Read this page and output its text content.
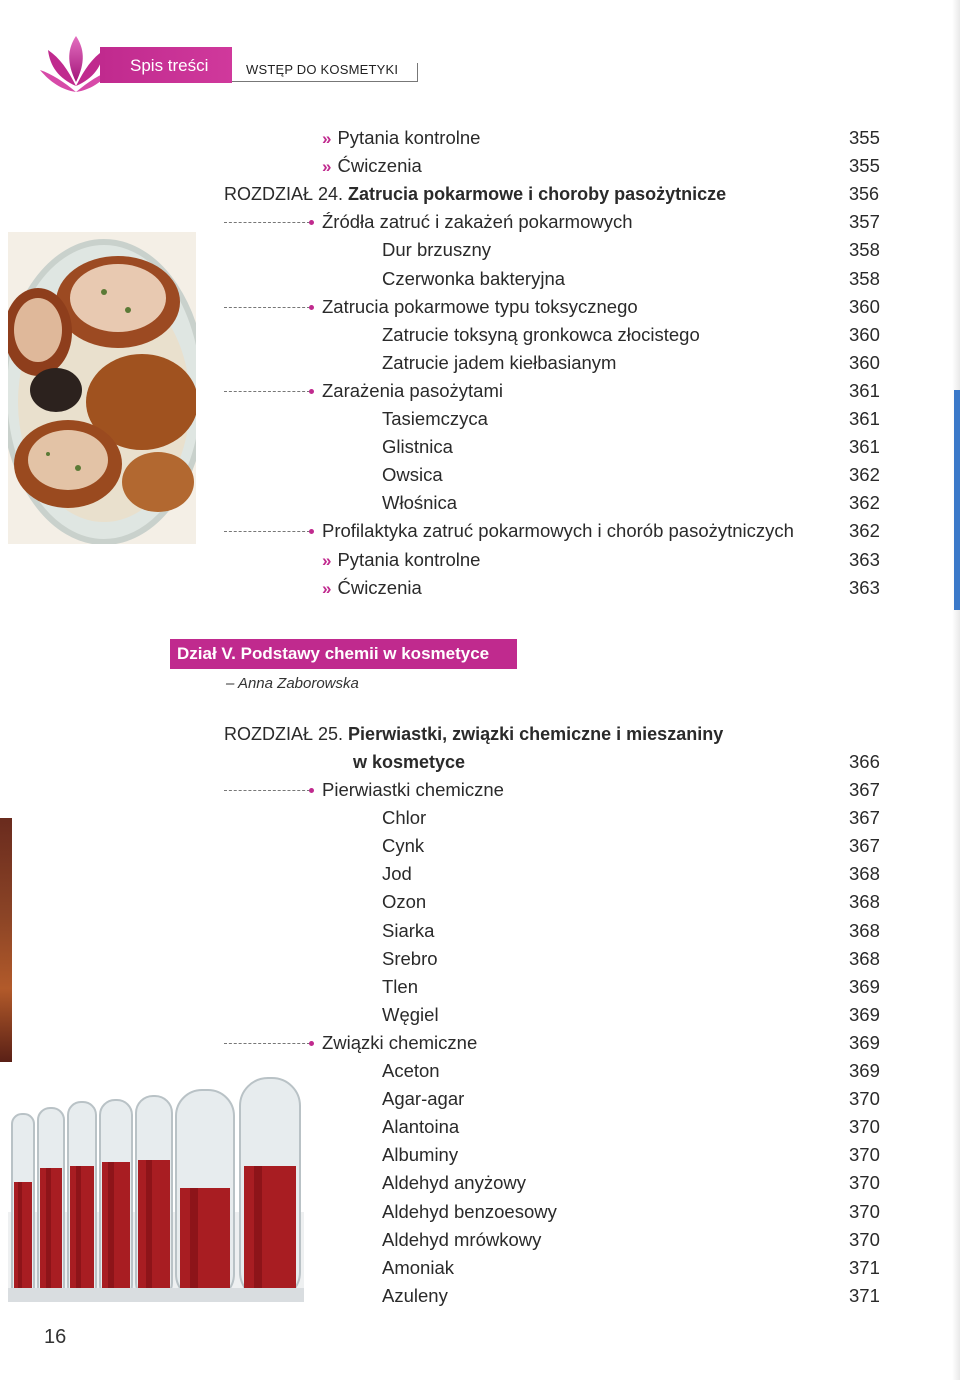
Spis treści	WSTĘP DO KOSMETYKI
» Pytania kontrolne	355
» Ćwiczenia	355
ROZDZIAŁ 24. Zatrucia pokarmowe i choroby pasożytnicze	356
Źródła zatruć i zakażeń pokarmowych	357
Dur brzuszny	358
Czerwonka bakteryjna	358
Zatrucia pokarmowe typu toksycznego	360
Zatrucie toksyną gronkowca złocistego	360
Zatrucie jadem kiełbasianym	360
Zarażenia pasożytami	361
Tasiemczyca	361
Glistnica	361
Owsica	362
Włośnica	362
Profilaktyka zatruć pokarmowych i chorób pasożytniczych	362
» Pytania kontrolne	363
» Ćwiczenia	363
Dział V. Podstawy chemii w kosmetyce
– Anna Zaborowska
ROZDZIAŁ 25. Pierwiastki, związki chemiczne i mieszaniny
w kosmetyce	366
Pierwiastki chemiczne	367
Chlor	367
Cynk	367
Jod	368
Ozon	368
Siarka	368
Srebro	368
Tlen	369
Węgiel	369
Związki chemiczne	369
Aceton	369
Agar-agar	370
Alantoina	370
Albuminy	370
Aldehyd anyżowy	370
Aldehyd benzoesowy	370
Aldehyd mrówkowy	370
Amoniak	371
Azuleny	371
16
